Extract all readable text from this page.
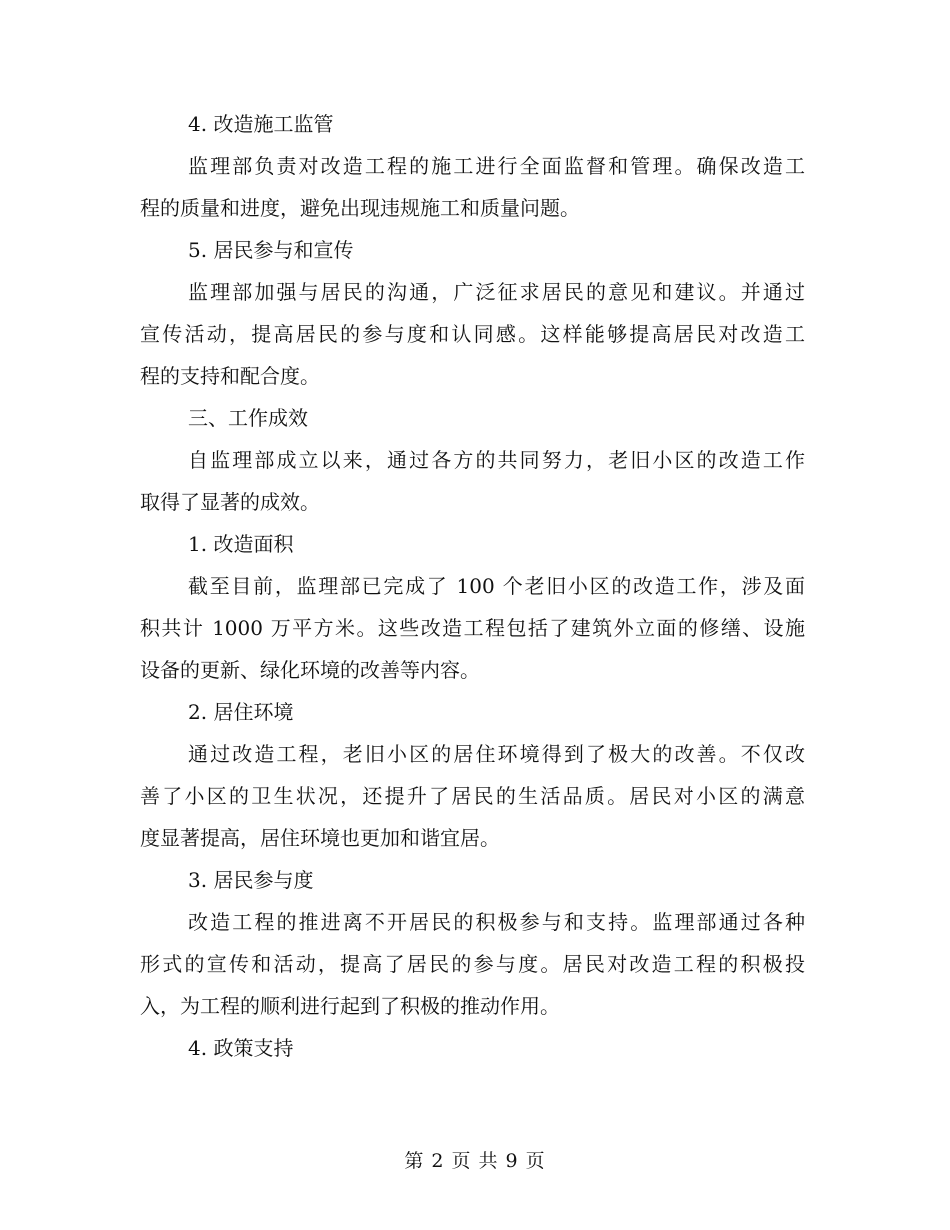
4. 改造施工监管
监理部负责对改造工程的施工进行全面监督和管理。确保改造工
程的质量和进度，避免出现违规施工和质量问题。
5. 居民参与和宣传
监理部加强与居民的沟通，广泛征求居民的意见和建议。并通过
宣传活动，提高居民的参与度和认同感。这样能够提高居民对改造工
程的支持和配合度。
三、工作成效
自监理部成立以来，通过各方的共同努力，老旧小区的改造工作
取得了显著的成效。
1. 改造面积
截至目前，监理部已完成了 100 个老旧小区的改造工作，涉及面
积共计 1000 万平方米。这些改造工程包括了建筑外立面的修缮、设施
设备的更新、绿化环境的改善等内容。
2. 居住环境
通过改造工程，老旧小区的居住环境得到了极大的改善。不仅改
善了小区的卫生状况，还提升了居民的生活品质。居民对小区的满意
度显著提高，居住环境也更加和谐宜居。
3. 居民参与度
改造工程的推进离不开居民的积极参与和支持。监理部通过各种
形式的宣传和活动，提高了居民的参与度。居民对改造工程的积极投
入，为工程的顺利进行起到了积极的推动作用。
4. 政策支持
第 2 页 共 9 页
